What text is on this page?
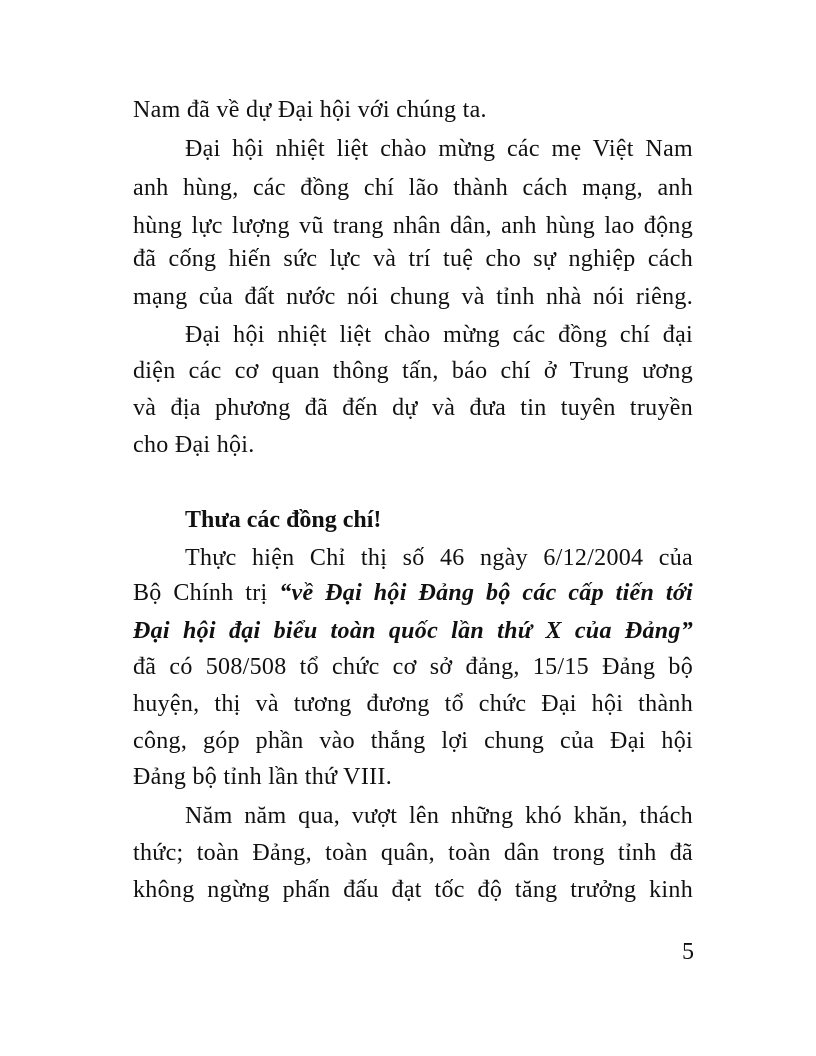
Nam đã về dự Đại hội với chúng ta.
Đại hội nhiệt liệt chào mừng các mẹ Việt Nam
anh hùng, các đồng chí lão thành cách mạng, anh
hùng lực lượng vũ trang nhân dân, anh hùng lao động
đã cống hiến sức lực và trí tuệ cho sự nghiệp cách
mạng của đất nước nói chung và tỉnh nhà nói riêng.
Đại hội nhiệt liệt chào mừng các đồng chí đại
diện các cơ quan thông tấn, báo chí ở Trung ương
và địa phương đã đến dự và đưa tin tuyên truyền
cho Đại hội.
Thưa các đồng chí!
Thực hiện Chỉ thị số 46 ngày 6/12/2004 của
Bộ Chính trị “về Đại hội Đảng bộ các cấp tiến tới
Đại hội đại biểu toàn quốc lần thứ X của Đảng”
đã có 508/508 tổ chức cơ sở đảng, 15/15 Đảng bộ
huyện, thị và tương đương tổ chức Đại hội thành
công, góp phần vào thắng lợi chung của Đại hội
Đảng bộ tỉnh lần thứ VIII.
Năm năm qua, vượt lên những khó khăn, thách
thức; toàn Đảng, toàn quân, toàn dân trong tỉnh đã
không ngừng phấn đấu đạt tốc độ tăng trưởng kinh
5
